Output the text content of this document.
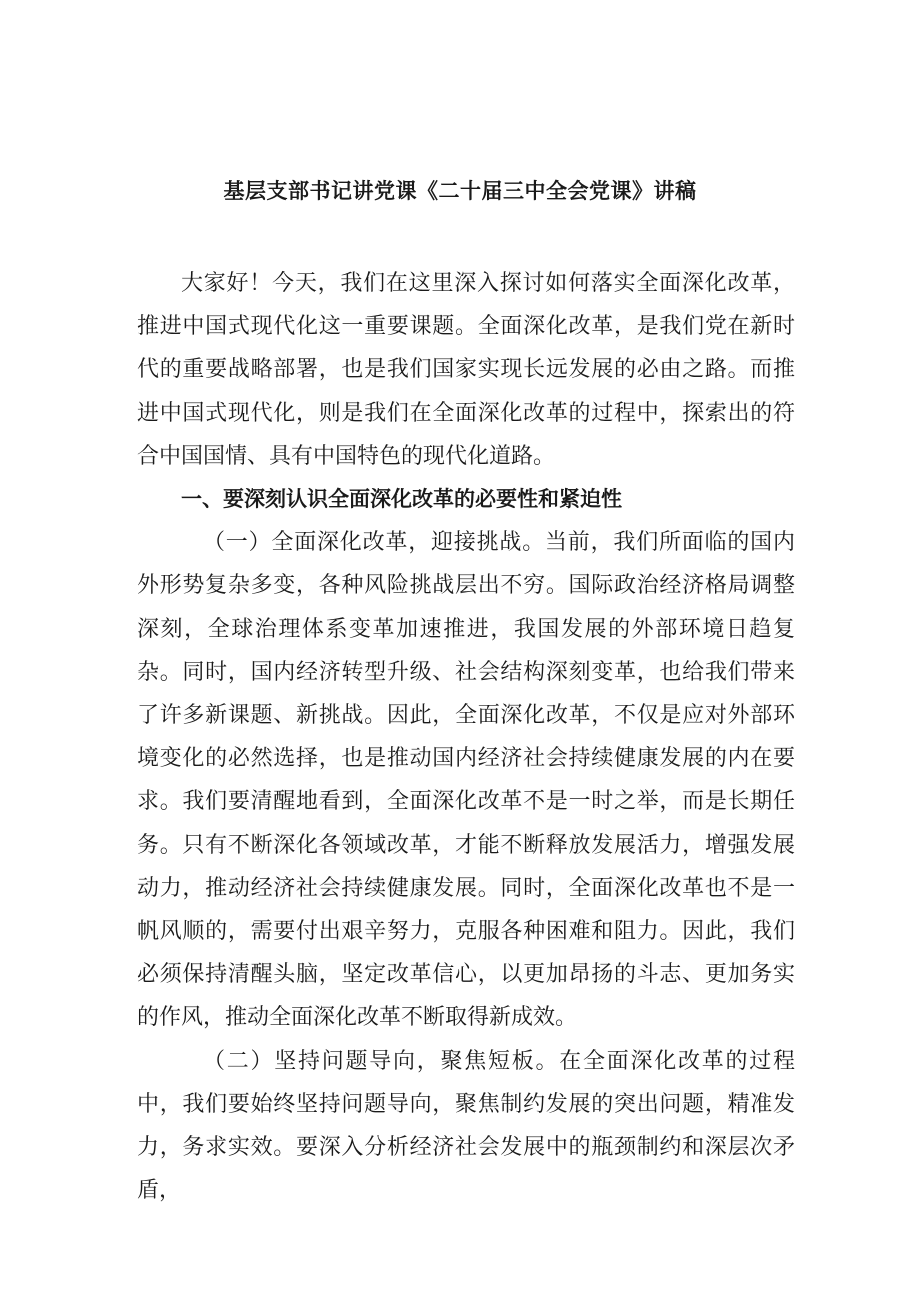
基层支部书记讲党课《二十届三中全会党课》讲稿

大家好！今天，我们在这里深入探讨如何落实全面深化改革，推进中国式现代化这一重要课题。全面深化改革，是我们党在新时代的重要战略部署，也是我们国家实现长远发展的必由之路。而推进中国式现代化，则是我们在全面深化改革的过程中，探索出的符合中国国情、具有中国特色的现代化道路。

一、要深刻认识全面深化改革的必要性和紧迫性

（一）全面深化改革，迎接挑战。当前，我们所面临的国内外形势复杂多变，各种风险挑战层出不穷。国际政治经济格局调整深刻，全球治理体系变革加速推进，我国发展的外部环境日趋复杂。同时，国内经济转型升级、社会结构深刻变革，也给我们带来了许多新课题、新挑战。因此，全面深化改革，不仅是应对外部环境变化的必然选择，也是推动国内经济社会持续健康发展的内在要求。我们要清醒地看到，全面深化改革不是一时之举，而是长期任务。只有不断深化各领域改革，才能不断释放发展活力，增强发展动力，推动经济社会持续健康发展。同时，全面深化改革也不是一帆风顺的，需要付出艰辛努力，克服各种困难和阻力。因此，我们必须保持清醒头脑，坚定改革信心，以更加昂扬的斗志、更加务实的作风，推动全面深化改革不断取得新成效。

（二）坚持问题导向，聚焦短板。在全面深化改革的过程中，我们要始终坚持问题导向，聚焦制约发展的突出问题，精准发力，务求实效。要深入分析经济社会发展中的瓶颈制约和深层次矛盾，
